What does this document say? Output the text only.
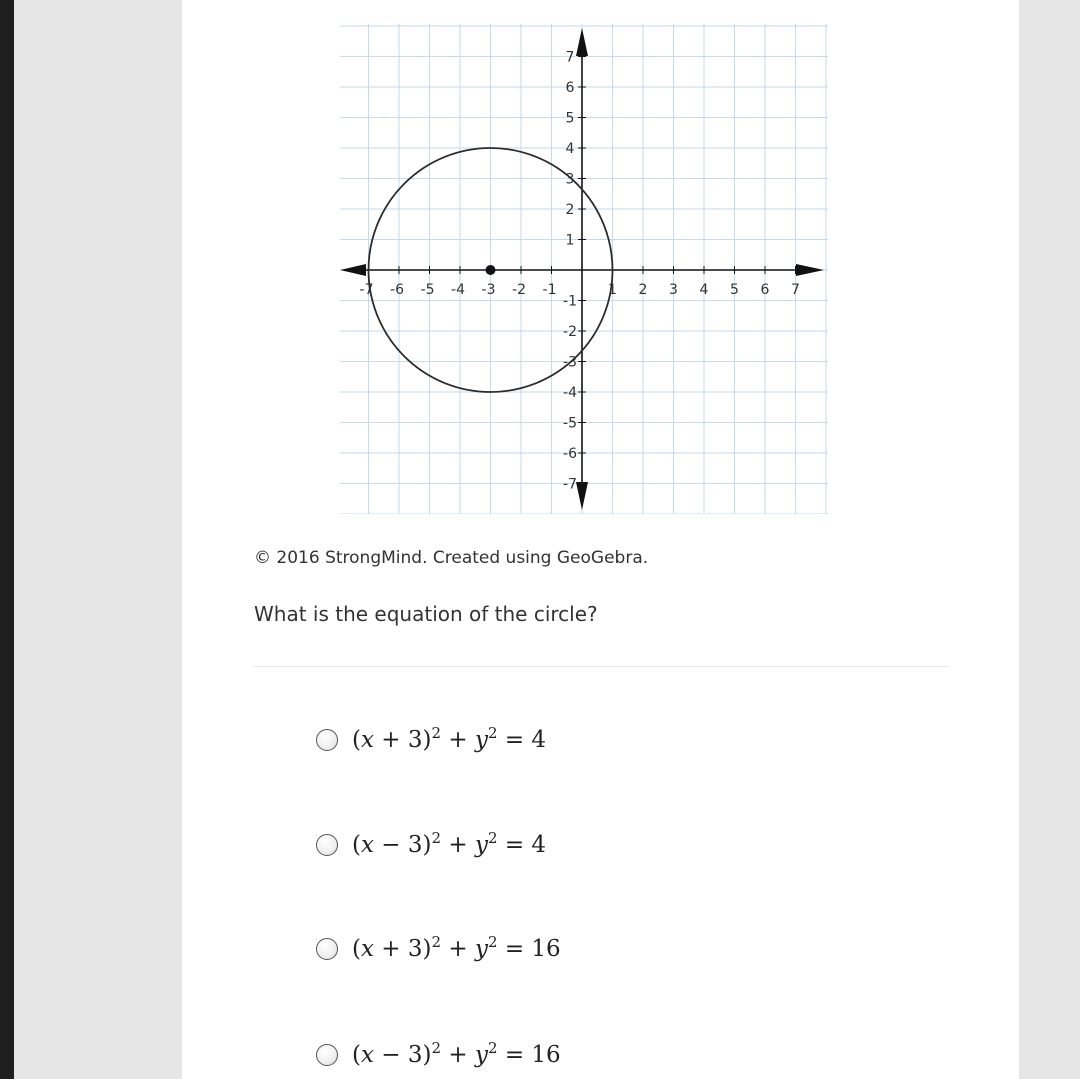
-7 -6 -5 -4 -3 -2 -1	1 2 3 4 5 6 7
7
6
5
4
3
2
1
-1
-2
-3
-4
-5
-6
-7
© 2016 StrongMind. Created using GeoGebra.
What is the equation of the circle?
$(x + 3)^2 + y^2 = 4$
$(x - 3)^2 + y^2 = 4$
$(x + 3)^2 + y^2 = 16$
$(x - 3)^2 + y^2 = 16$
